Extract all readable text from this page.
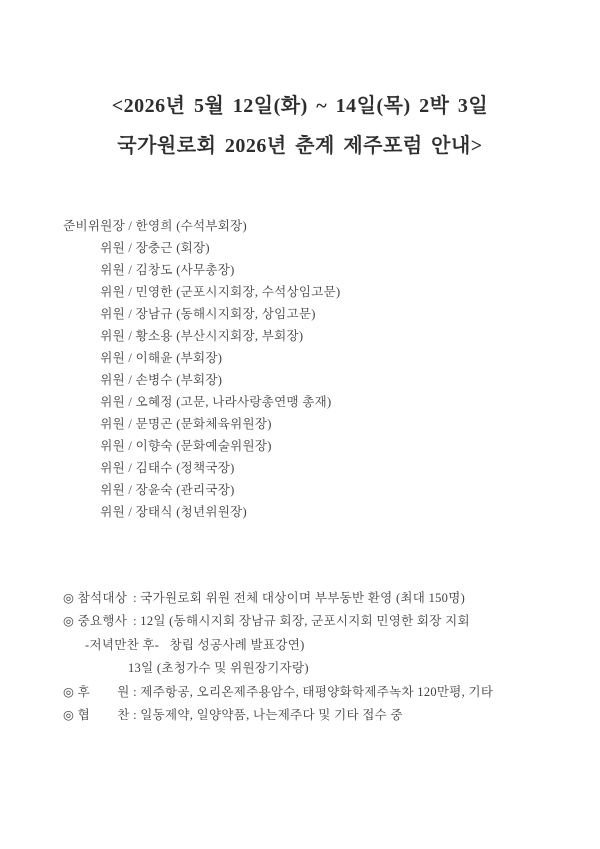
<2026년 5월 12일(화) ~ 14일(목) 2박 3일
국가원로회 2026년 춘계 제주포럼 안내>
준비위원장 / 한영희 (수석부회장)
위원 / 장충근 (회장)
위원 / 김창도 (사무총장)
위원 / 민영한 (군포시지회장, 수석상임고문)
위원 / 장남규 (동해시지회장, 상임고문)
위원 / 황소용 (부산시지회장, 부회장)
위원 / 이해윤 (부회장)
위원 / 손병수 (부회장)
위원 / 오혜정 (고문, 나라사랑총연맹 총재)
위원 / 문명곤 (문화체육위원장)
위원 / 이향숙 (문화예술위원장)
위원 / 김태수 (정책국장)
위원 / 장윤숙 (관리국장)
위원 / 장태식 (청년위원장)
◎ 참석대상 : 국가원로회 위원 전체 대상이며 부부동반 환영 (최대 150명)
◎ 중요행사 : 12일 (동해시지회 장남규 회장, 군포시지회 민영한 회장 지회
-저녁만찬 후-   창립 성공사례 발표강연)
13일 (초청가수 및 위원장기자랑)
◎ 후 원 : 제주항공, 오리온제주용암수, 태평양화학제주녹차 120만평, 기타
◎ 협 찬 : 일동제약, 일양약품, 나는제주다 및 기타 접수 중
